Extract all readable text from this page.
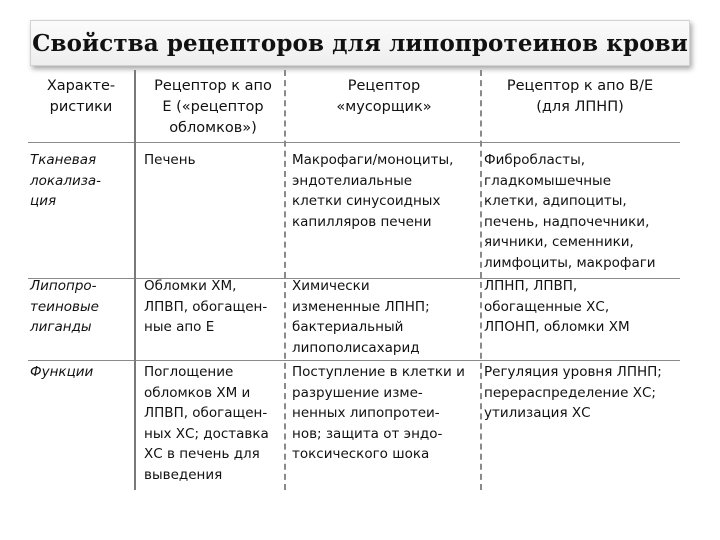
Свойства рецепторов для липопротеинов крови
Характе- ристики
Рецептор к апо
Е («рецептор
обломков»)
Рецептор
«мусорщик»
Рецептор к апо В/Е
(для ЛПНП)
Тканевая
локализа-
ция
Печень	Макрофаги/моноциты,
эндотелиальные
клетки синусоидных
капилляров печени
Фибробласты,
гладкомышечные
клетки, адипоциты,
печень, надпочечники,
яичники, семенники,
лимфоциты, макрофаги
Липопро-
теиновые
лиганды
Обломки ХМ,
ЛПВП, обогащен-
ные апо Е
Химически
измененные ЛПНП;
бактериальный
липополисахарид
ЛПНП, ЛПВП,
обогащенные ХС,
ЛПОНП, обломки ХМ
Функции	Поглощение
обломков ХМ и
ЛПВП, обогащен-
ных ХС; доставка
ХС в печень для
выведения
Поступление в клетки и
разрушение изме-
ненных липопротеи-
нов; защита от эндо-
токсического шока
Регуляция уровня ЛПНП;
перераспределение ХС;
утилизация ХС
